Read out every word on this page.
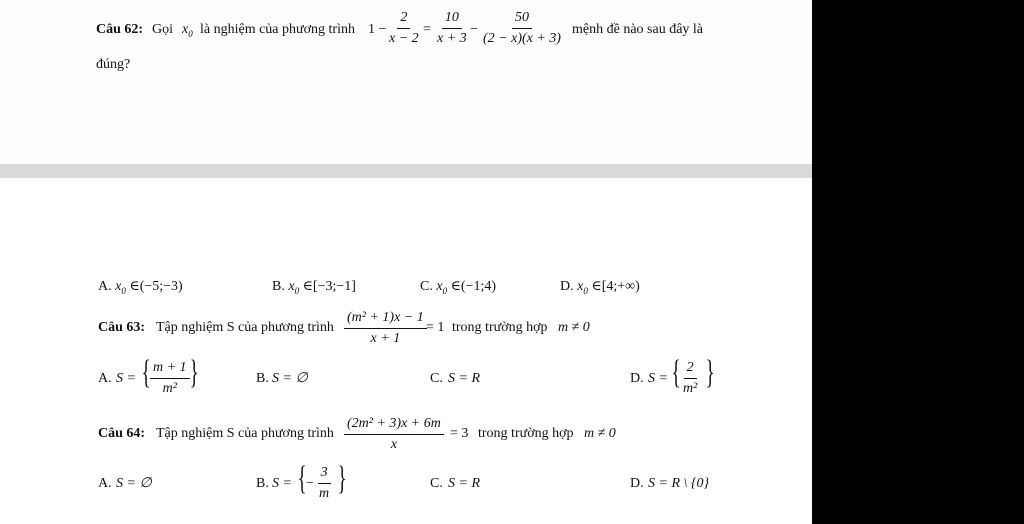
Câu 62: Gọi $x_0$ là nghiệm của phương trình $1 - \frac{2}{x - 2} = \frac{10}{x + 3} - \frac{50}{(2 - x)(x + 3)}$ mệnh đề nào sau đây là
đúng?
A. $x_0$ ∈(−5;−3)	B. $x_0$ ∈[−3;−1]	C. $x_0$ ∈(−1;4)	D. $x_0$ ∈[4;+∞)
Câu 63: Tập nghiệm S của phương trình $\frac{\text{(m² + 1)x − 1}}{x + 1} = 1$ trong trường hợp m ≠ 0
A. S = { $\frac{m + 1}{\text{m²}}$ }	B. S = ∅	C. S = R	D. S = { $\frac{2}{\text{m²}}$ }
Câu 64: Tập nghiệm S của phương trình $\frac{\text{(2m² + 3)x + 6m}}{x} = 3$ trong trường hợp m ≠ 0
A. S = ∅	B. S = { − $\frac{3}{m}$ }	C. S = R	D. S = R \ {0}
